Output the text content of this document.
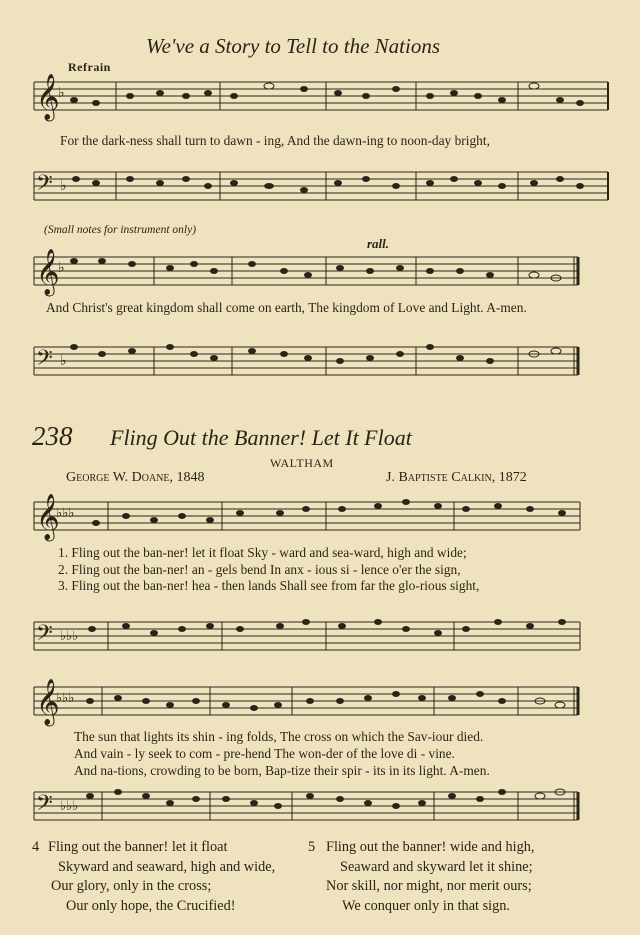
We've a Story to Tell to the Nations
Refrain
𝄞
♭
For the dark-ness shall turn to dawn - ing, And the dawn-ing to noon-day bright,
𝄢 ♭
(Small notes for instrument only)
rall.
𝄞
♭
And Christ's great kingdom shall come on earth, The kingdom of Love and Light. A-men.
𝄢 ♭
238 Fling Out the Banner! Let It Float
WALTHAM
George W. Doane, 1848	J. Baptiste Calkin, 1872
𝄞
♭♭♭
1. Fling out the ban-ner! let it float Sky - ward and sea-ward, high and wide;
2. Fling out the ban-ner! an - gels bend In anx - ious si - lence o'er the sign,
3. Fling out the ban-ner! hea - then lands Shall see from far the glo-rious sight,
𝄢 ♭♭♭
𝄞
♭♭♭
The sun that lights its shin - ing folds, The cross on which the Sav-iour died.
And vain - ly seek to com - pre-hend The won-der of the love di - vine.
And na-tions, crowding to be born, Bap-tize their spir - its in its light. A-men.
𝄢 ♭♭♭
4 Fling out the banner! let it float
Skyward and seaward, high and wide,
Our glory, only in the cross;
Our only hope, the Crucified!
5 Fling out the banner! wide and high,
Seaward and skyward let it shine;
Nor skill, nor might, nor merit ours;
We conquer only in that sign.
